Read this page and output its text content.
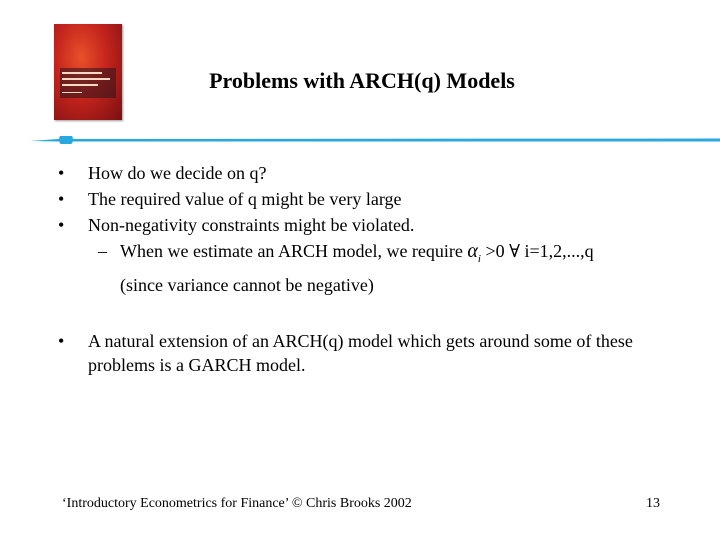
Problems with ARCH(q) Models
•	How do we decide on q?
•	The required value of q might be very large
•	Non-negativity constraints might be violated.
– When we estimate an ARCH model, we require $\alpha_i >0$ ∀ i=1,2,...,q
(since variance cannot be negative)
•	A natural extension of an ARCH(q) model which gets around some of these problems is a GARCH model.
‘Introductory Econometrics for Finance’ © Chris Brooks 2002	13
